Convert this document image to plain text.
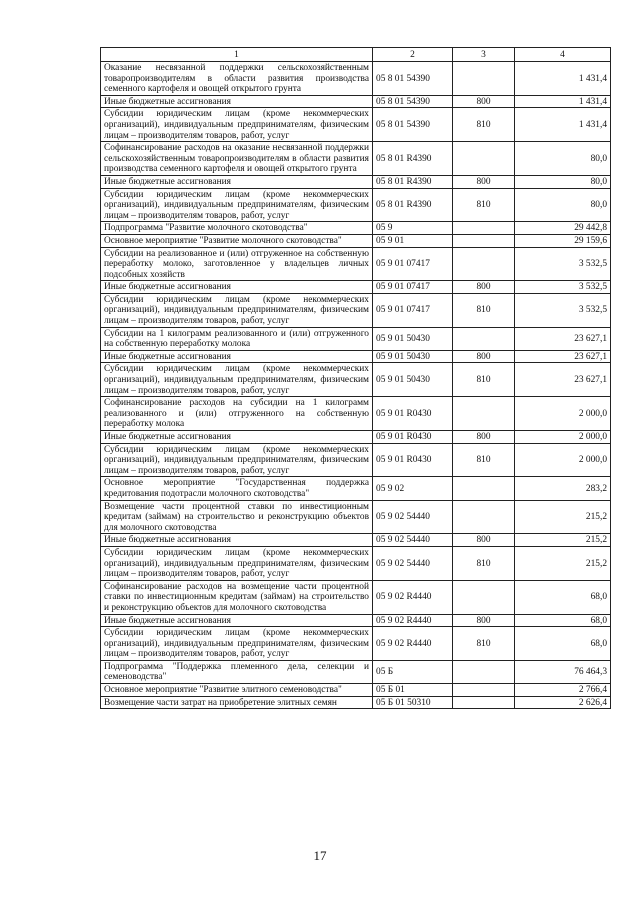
1	2	3	4
Оказание несвязанной поддержки сельскохозяйственным товаропроизводителям в области развития производства семенного картофеля и овощей открытого грунта	05 8 01 54390		1 431,4
Иные бюджетные ассигнования	05 8 01 54390	800	1 431,4
Субсидии юридическим лицам (кроме некоммерческих организаций), индивидуальным предпринимателям, физическим лицам – производителям товаров, работ, услуг	05 8 01 54390	810	1 431,4
Софинансирование расходов на оказание несвязанной поддержки сельскохозяйственным товаропроизводителям в области развития производства семенного картофеля и овощей открытого грунта	05 8 01 R4390		80,0
Иные бюджетные ассигнования	05 8 01 R4390	800	80,0
Субсидии юридическим лицам (кроме некоммерческих организаций), индивидуальным предпринимателям, физическим лицам – производителям товаров, работ, услуг	05 8 01 R4390	810	80,0
Подпрограмма "Развитие молочного скотоводства"	05 9		29 442,8
Основное мероприятие "Развитие молочного скотоводства"	05 9 01		29 159,6
Субсидии на реализованное и (или) отгруженное на собственную переработку молоко, заготовленное у владельцев личных подсобных хозяйств	05 9 01 07417		3 532,5
Иные бюджетные ассигнования	05 9 01 07417	800	3 532,5
Субсидии юридическим лицам (кроме некоммерческих организаций), индивидуальным предпринимателям, физическим лицам – производителям товаров, работ, услуг	05 9 01 07417	810	3 532,5
Субсидии на 1 килограмм реализованного и (или) отгруженного на собственную переработку молока	05 9 01 50430		23 627,1
Иные бюджетные ассигнования	05 9 01 50430	800	23 627,1
Субсидии юридическим лицам (кроме некоммерческих организаций), индивидуальным предпринимателям, физическим лицам – производителям товаров, работ, услуг	05 9 01 50430	810	23 627,1
Софинансирование расходов на субсидии на 1 килограмм реализованного и (или) отгруженного на собственную переработку молока	05 9 01 R0430		2 000,0
Иные бюджетные ассигнования	05 9 01 R0430	800	2 000,0
Субсидии юридическим лицам (кроме некоммерческих организаций), индивидуальным предпринимателям, физическим лицам – производителям товаров, работ, услуг	05 9 01 R0430	810	2 000,0
Основное мероприятие "Государственная поддержка кредитования подотрасли молочного скотоводства"	05 9 02		283,2
Возмещение части процентной ставки по инвестиционным кредитам (займам) на строительство и реконструкцию объектов для молочного скотоводства	05 9 02 54440		215,2
Иные бюджетные ассигнования	05 9 02 54440	800	215,2
Субсидии юридическим лицам (кроме некоммерческих организаций), индивидуальным предпринимателям, физическим лицам – производителям товаров, работ, услуг	05 9 02 54440	810	215,2
Софинансирование расходов на возмещение части процентной ставки по инвестиционным кредитам (займам) на строительство и реконструкцию объектов для молочного скотоводства	05 9 02 R4440		68,0
Иные бюджетные ассигнования	05 9 02 R4440	800	68,0
Субсидии юридическим лицам (кроме некоммерческих организаций), индивидуальным предпринимателям, физическим лицам – производителям товаров, работ, услуг	05 9 02 R4440	810	68,0
Подпрограмма "Поддержка племенного дела, селекции и семеноводства"	05 Б		76 464,3
Основное мероприятие "Развитие элитного семеноводства"	05 Б 01		2 766,4
Возмещение части затрат на приобретение элитных семян	05 Б 01 50310		2 626,4
17
